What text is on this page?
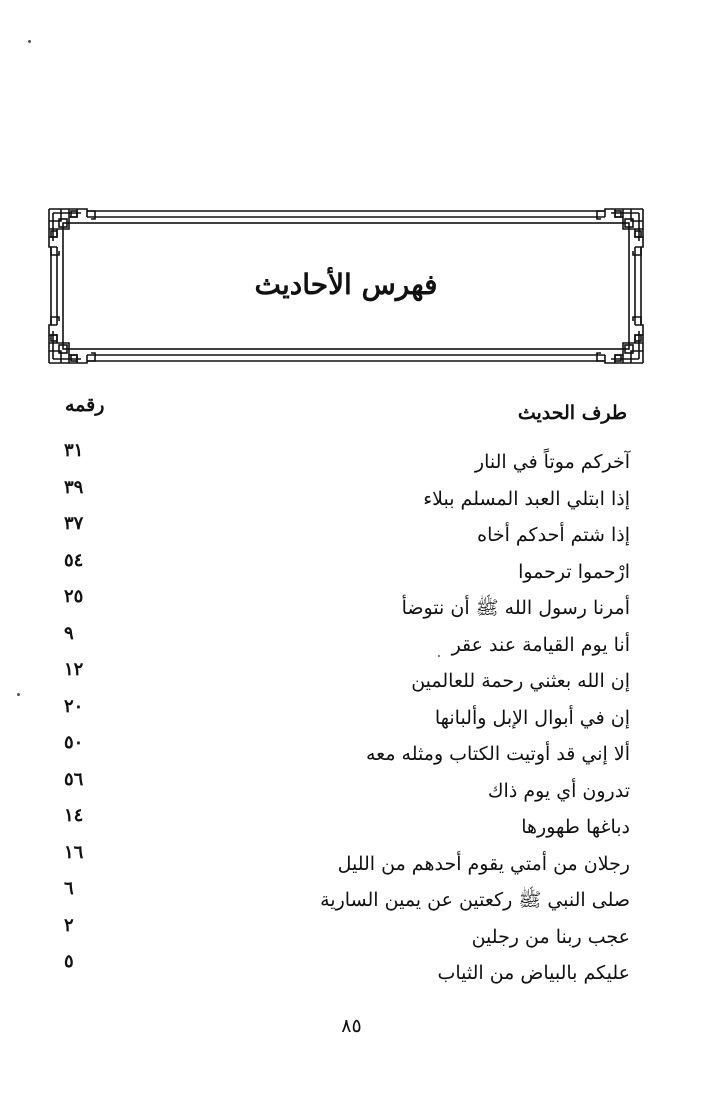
فهرس الأحاديث
طرف الحديث
رقمه
آخركم موتاً في النار
٣١
إذا ابتلي العبد المسلم ببلاء
٣٩
إذا شتم أحدكم أخاه
٣٧
ارْحموا ترحموا
٥٤
أمرنا رسول الله ﷺ أن نتوضأ
٢٥
أنا يوم القيامة عند عقر
٩
إن الله بعثني رحمة للعالمين
١٢
إن في أبوال الإبل وألبانها
٢٠
ألا إني قد أوتيت الكتاب ومثله معه
٥٠
تدرون أي يوم ذاك
٥٦
دباغها طهورها
١٤
رجلان من أمتي يقوم أحدهم من الليل
١٦
صلى النبي ﷺ ركعتين عن يمين السارية
٦
عجب ربنا من رجلين
٢
عليكم بالبياض من الثياب
٥
٨٥
